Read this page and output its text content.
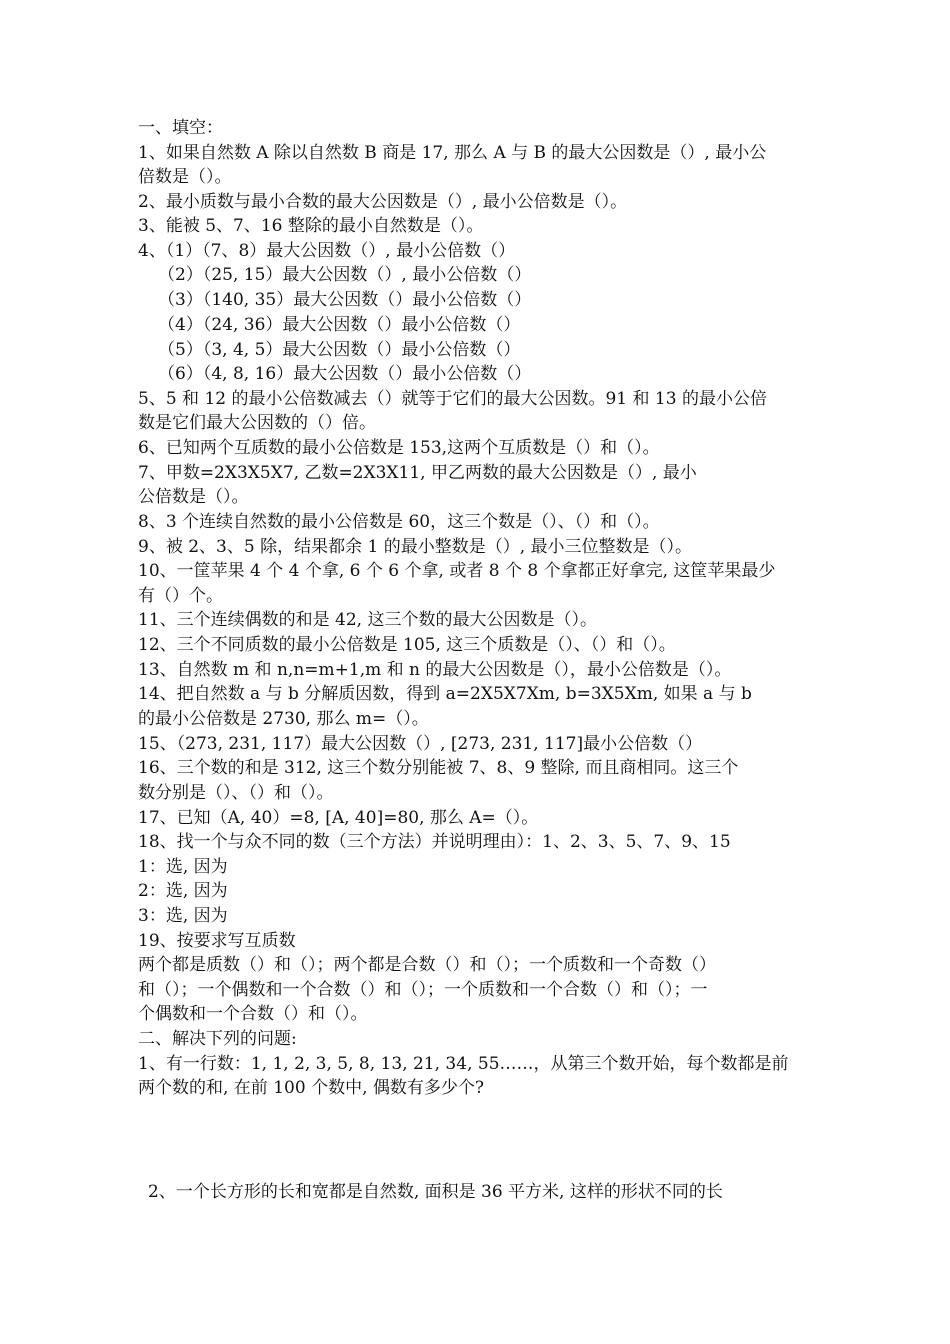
一、填空：
1、如果自然数 A 除以自然数 B 商是 17, 那么 A 与 B 的最大公因数是（）, 最小公
倍数是（）。
2、最小质数与最小合数的最大公因数是（）, 最小公倍数是（）。
3、能被 5、7、16 整除的最小自然数是（）。
4、（1）（7、8）最大公因数（）, 最小公倍数（）
（2）（25, 15）最大公因数（）, 最小公倍数（）
（3）（140, 35）最大公因数（）最小公倍数（）
（4）（24, 36）最大公因数（）最小公倍数（）
（5）（3, 4, 5）最大公因数（）最小公倍数（）
（6）（4, 8, 16）最大公因数（）最小公倍数（）
5、5 和 12 的最小公倍数减去（）就等于它们的最大公因数。91 和 13 的最小公倍
数是它们最大公因数的（）倍。
6、已知两个互质数的最小公倍数是 153,这两个互质数是（）和（）。
7、甲数=2X3X5X7, 乙数=2X3X11, 甲乙两数的最大公因数是（）, 最小
公倍数是（）。
8、3 个连续自然数的最小公倍数是 60，这三个数是（）、（）和（）。
9、被 2、3、5 除，结果都余 1 的最小整数是（）, 最小三位整数是（）。
10、一筐苹果 4 个 4 个拿, 6 个 6 个拿, 或者 8 个 8 个拿都正好拿完, 这筐苹果最少
有（）个。
11、三个连续偶数的和是 42, 这三个数的最大公因数是（）。
12、三个不同质数的最小公倍数是 105, 这三个质数是（）、（）和（）。
13、自然数 m 和 n,n=m+1,m 和 n 的最大公因数是（），最小公倍数是（）。
14、把自然数 a 与 b 分解质因数，得到 a=2X5X7Xm, b=3X5Xm, 如果 a 与 b
的最小公倍数是 2730, 那么 m=（）。
15、（273, 231, 117）最大公因数（）, [273, 231, 117]最小公倍数（）
16、三个数的和是 312, 这三个数分别能被 7、8、9 整除, 而且商相同。这三个
数分别是（）、（）和（）。
17、已知（A, 40）=8, [A, 40]=80, 那么 A=（）。
18、找一个与众不同的数（三个方法）并说明理由）：1、2、3、5、7、9、15
1：选, 因为
2：选, 因为
3：选, 因为
19、按要求写互质数
两个都是质数（）和（）；两个都是合数（）和（）；一个质数和一个奇数（）
和（）；一个偶数和一个合数（）和（）；一个质数和一个合数（）和（）；一
个偶数和一个合数（）和（）。
二、解决下列的问题:
1、有一行数：1, 1, 2, 3, 5, 8, 13, 21, 34, 55……，从第三个数开始，每个数都是前
两个数的和, 在前 100 个数中, 偶数有多少个?
2、一个长方形的长和宽都是自然数, 面积是 36 平方米, 这样的形状不同的长
